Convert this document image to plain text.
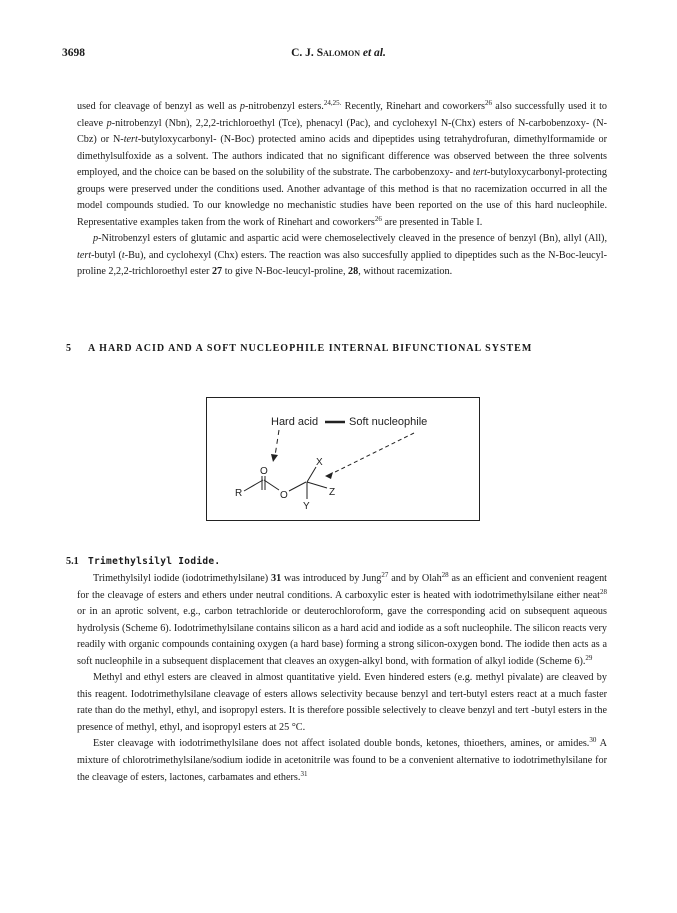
3698	C. J. Salomon et al.

used for cleavage of benzyl as well as p-nitrobenzyl esters.$^{24,25.}$ Recently, Rinehart and coworkers$^{26}$ also successfully used it to cleave p-nitrobenzyl (Nbn), 2,2,2-trichloroethyl (Tce), phenacyl (Pac), and cyclohexyl N-(Chx) esters of N-carbobenzoxy- (N-Cbz) or N-tert-butyloxycarbonyl- (N-Boc) protected amino acids and dipeptides using tetrahydrofuran, dimethylformamide or dimethylsulfoxide as a solvent. The authors indicated that no significant difference was observed between the three solvents employed, and the choice can be based on the solubility of the substrate. The carbobenzoxy- and tert-butyloxycarbonyl-protecting groups were preserved under the conditions used. Another advantage of this method is that no racemization occurred in all the model compounds studied. To our knowledge no mechanistic studies have been reported on the use of this hard nucleophile. Representative examples taken from the work of Rinehart and coworkers$^{26}$ are presented in Table I.

p-Nitrobenzyl esters of glutamic and aspartic acid were chemoselectively cleaved in the presence of benzyl (Bn), allyl (All), tert-butyl (t-Bu), and cyclohexyl (Chx) esters. The reaction was also succesfully applied to dipeptides such as the N-Boc-leucyl-proline 2,2,2-trichloroethyl ester 27 to give N-Boc-leucyl-proline, 28, without racemization.

5 A HARD ACID AND A SOFT NUCLEOPHILE INTERNAL BIFUNCTIONAL SYSTEM
Hard acid	Soft nucleophile
O
R	O
X
Z
Y
5.1 Trimethylsilyl Iodide.

Trimethylsilyl iodide (iodotrimethylsilane) 31 was introduced by Jung$^{27}$ and by Olah$^{28}$ as an efficient and convenient reagent for the cleavage of esters and ethers under neutral conditions. A carboxylic ester is heated with iodotrimethylsilane either neat$^{28}$ or in an aprotic solvent, e.g., carbon tetrachloride or deuterochloroform, gave the corresponding acid on subsequent aqueous hydrolysis (Scheme 6). Iodotrimethylsilane contains silicon as a hard acid and iodide as a soft nucleophile. The silicon reacts very readily with organic compounds containing oxygen (a hard base) forming a strong silicon-oxygen bond. The iodide then acts as a soft nucleophile in a subsequent displacement that cleaves an oxygen-alkyl bond, with formation of alkyl iodide (Scheme 6).$^{29}$

Methyl and ethyl esters are cleaved in almost quantitative yield. Even hindered esters (e.g. methyl pivalate) are cleaved by this reagent. Iodotrimethylsilane cleavage of esters allows selectivity because benzyl and tert-butyl esters react at a much faster rate than do the methyl, ethyl, and isopropyl esters. It is therefore possible selectively to cleave benzyl and tert -butyl esters in the presence of methyl, ethyl, and isopropyl esters at 25 °C.

Ester cleavage with iodotrimethylsilane does not affect isolated double bonds, ketones, thioethers, amines, or amides.$^{30}$ A mixture of chlorotrimethylsilane/sodium iodide in acetonitrile was found to be a convenient alternative to iodotrimethylsilane for the cleavage of esters, lactones, carbamates and ethers.$^{31}$
